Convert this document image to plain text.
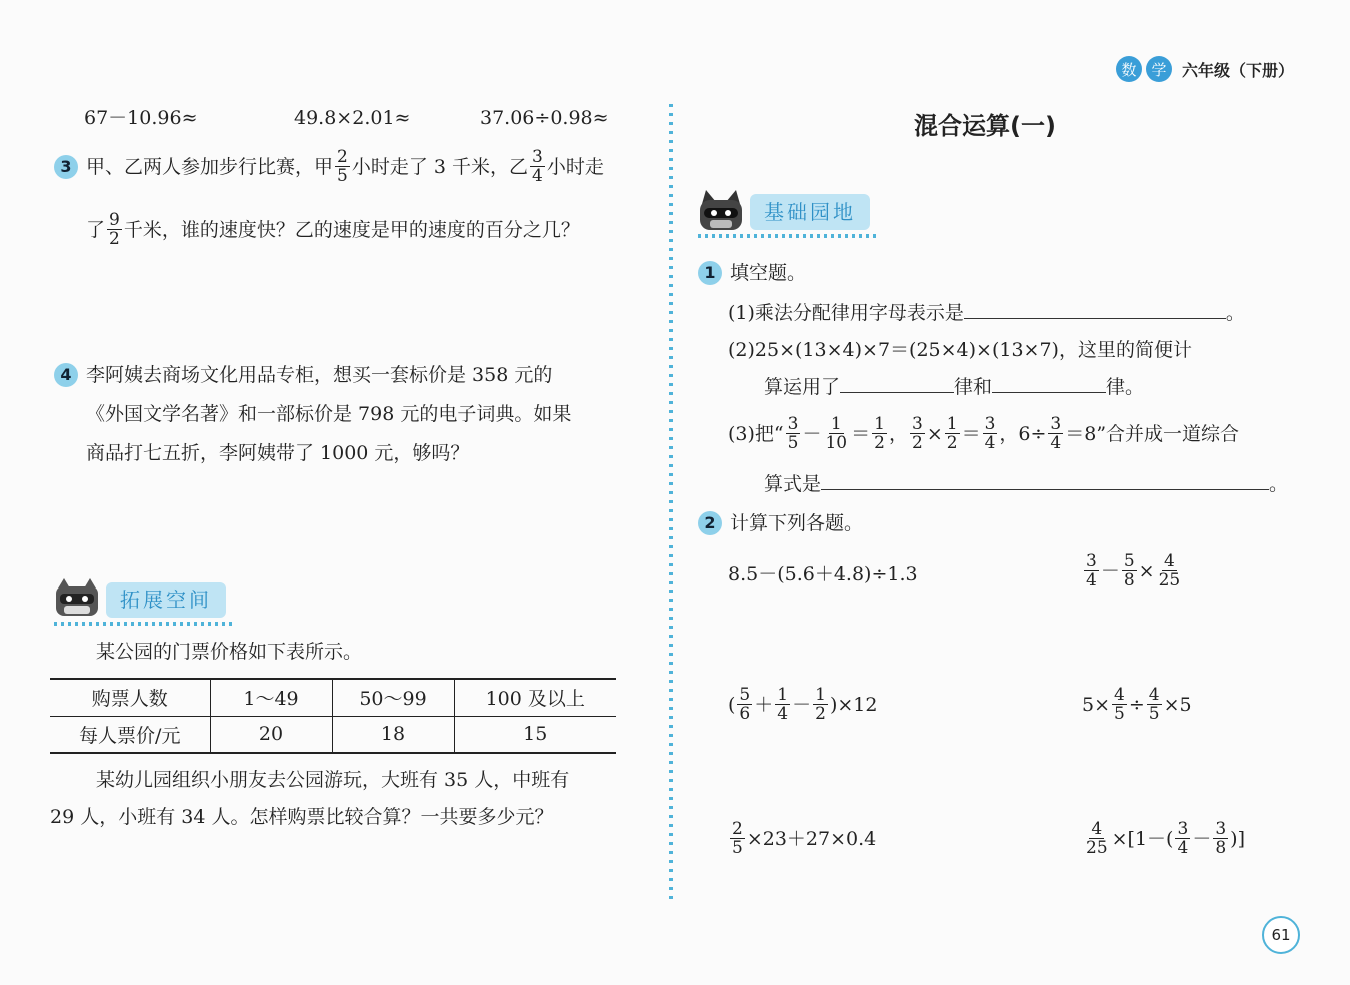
数 学 六年级（下册）
67－10.96≈	49.8×2.01≈	37.06÷0.98≈
3 甲、乙两人参加步行比赛，甲 $\frac{2}{5}$ 小时走了 3 千米，乙 $\frac{3}{4}$ 小时走
了 $\frac{9}{2}$ 千米，谁的速度快？乙的速度是甲的速度的百分之几？
4 李阿姨去商场文化用品专柜，想买一套标价是 358 元的
《外国文学名著》和一部标价是 798 元的电子词典。如果
商品打七五折，李阿姨带了 1000 元，够吗？
拓展空间
某公园的门票价格如下表所示。
购票人数	1～49	50～99	100 及以上
每人票价/元	20	18	15
某幼儿园组织小朋友去公园游玩，大班有 35 人，中班有
29 人，小班有 34 人。怎样购票比较合算？一共要多少元？
混合运算(一)
基础园地
1 填空题。
(1)乘法分配律用字母表示是	。
(2)25×(13×4)×7＝(25×4)×(13×7)，这里的简便计
算运用了	律和	律。
(3)把“ $\frac{3}{5} - \frac{1}{10} = \frac{1}{2}$ ， $\frac{3}{2} \times \frac{1}{2} = \frac{3}{4}$ ，$6\div \frac{3}{4} =8$”合并成一道综合
算式是	。
2 计算下列各题。
8.5－(5.6＋4.8)÷1.3	$\frac{3}{4} - \frac{5}{8} \times \frac{4}{25}$
( $\frac{5}{6} + \frac{1}{4} - \frac{1}{2} )\times 12$	$5\times \frac{4}{5} \div \frac{4}{5} \times 5$
$\frac{2}{5} \times 23+27\times 0.4$	$\frac{4}{25} \times[1-( \frac{3}{4} - \frac{3}{8}$ )]
61
